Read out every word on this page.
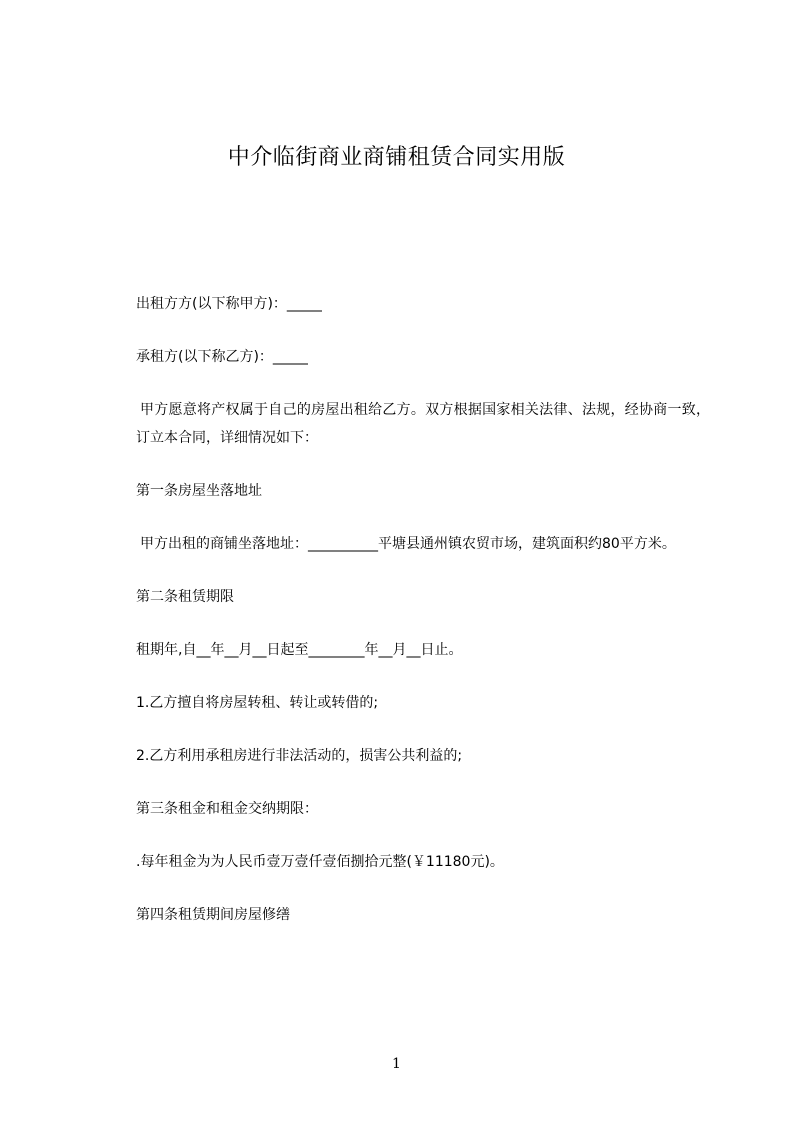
中介临街商业商铺租赁合同实用版

出租方方(以下称甲方)：_____

承租方(以下称乙方)：_____

甲方愿意将产权属于自己的房屋出租给乙方。双方根据国家相关法律、法规，经协商一致，订立本合同，详细情况如下：

第一条房屋坐落地址

甲方出租的商铺坐落地址：__________平塘县通州镇农贸市场，建筑面积约80平方米。

第二条租赁期限

租期年,自__年__月__日起至________年__月__日止。

1.乙方擅自将房屋转租、转让或转借的;

2.乙方利用承租房进行非法活动的，损害公共利益的;

第三条租金和租金交纳期限：

.每年租金为为人民币壹万壹仟壹佰捌拾元整(￥11180元)。

第四条租赁期间房屋修缮

1
